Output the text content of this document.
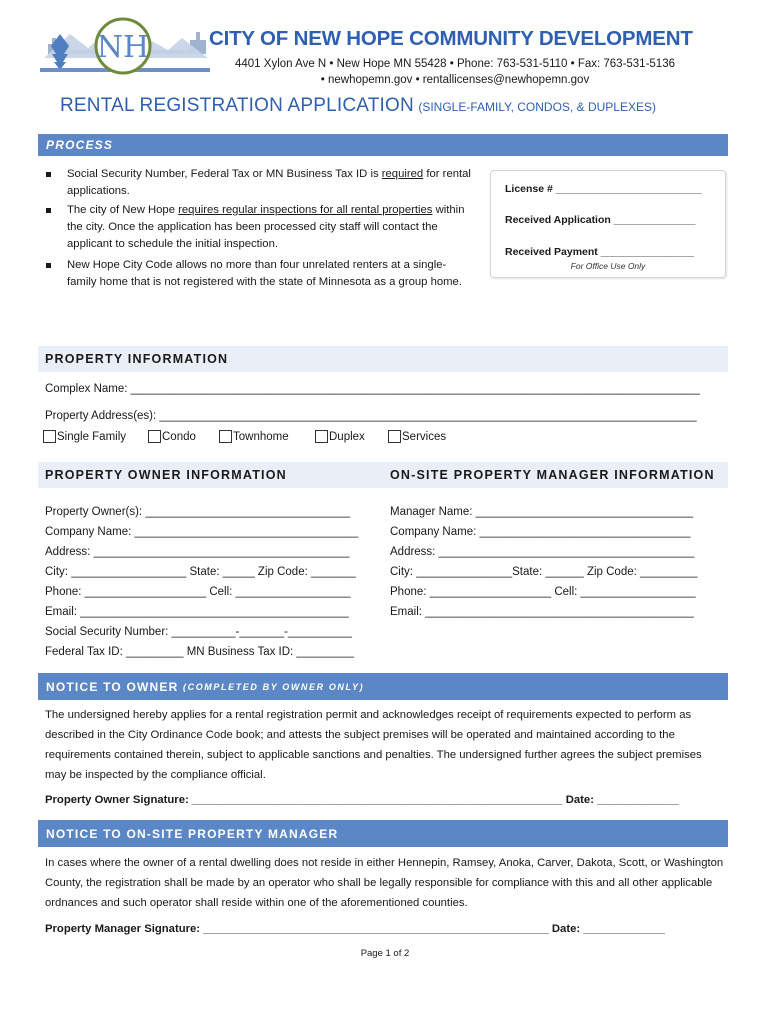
NH	CITY OF NEW HOPE COMMUNITY DEVELOPMENT
4401 Xylon Ave N • New Hope MN 55428 • Phone: 763-531-5110 • Fax: 763-531-5136
• newhopemn.gov • rentallicenses@newhopemn.gov
RENTAL REGISTRATION APPLICATION (SINGLE-FAMILY, CONDOS, & DUPLEXES)
PROCESS
Social Security Number, Federal Tax or MN Business Tax ID is required for rental applications.
The city of New Hope requires regular inspections for all rental properties within the city. Once the application has been processed city staff will contact the applicant to schedule the initial inspection.
New Hope City Code allows no more than four unrelated renters at a single-family home that is not registered with the state of Minnesota as a group home.
License # _________________________
Received Application ______________
Received Payment ________________
For Office Use Only
PROPERTY INFORMATION
Complex Name: _________________________________________________________________________________________
Property Address(es): ____________________________________________________________________________________
Single Family	Condo	Townhome	Duplex	Services
PROPERTY OWNER INFORMATION	ON-SITE PROPERTY MANAGER INFORMATION
Property Owner(s): ________________________________
Company Name: ___________________________________
Address: ________________________________________
City: __________________ State: _____ Zip Code: _______
Phone: ___________________ Cell: __________________
Email: __________________________________________
Social Security Number: __________-_______-__________
Federal Tax ID: _________ MN Business Tax ID: _________
Manager Name: __________________________________
Company Name: _________________________________
Address: ________________________________________
City: _______________State: ______ Zip Code: _________
Phone: ___________________ Cell: __________________
Email: __________________________________________
NOTICE TO OWNER
(COMPLETED BY OWNER ONLY)
The undersigned hereby applies for a rental registration permit and acknowledges receipt of requirements expected to perform as described in the City Ordinance Code book; and attests the subject premises will be operated and maintained according to the requirements contained therein, subject to applicable sanctions and penalties. The undersigned further agrees the subject premises may be inspected by the compliance official.
Property Owner Signature: ___________________________________________________________ Date: _____________
NOTICE TO ON-SITE PROPERTY MANAGER
In cases where the owner of a rental dwelling does not reside in either Hennepin, Ramsey, Anoka, Carver, Dakota, Scott, or Washington County, the registration shall be made by an operator who shall be legally responsible for compliance with this and all other applicable ordnances and such operator shall reside within one of the aforementioned counties.
Property Manager Signature: _______________________________________________________ Date: _____________
Page 1 of 2
